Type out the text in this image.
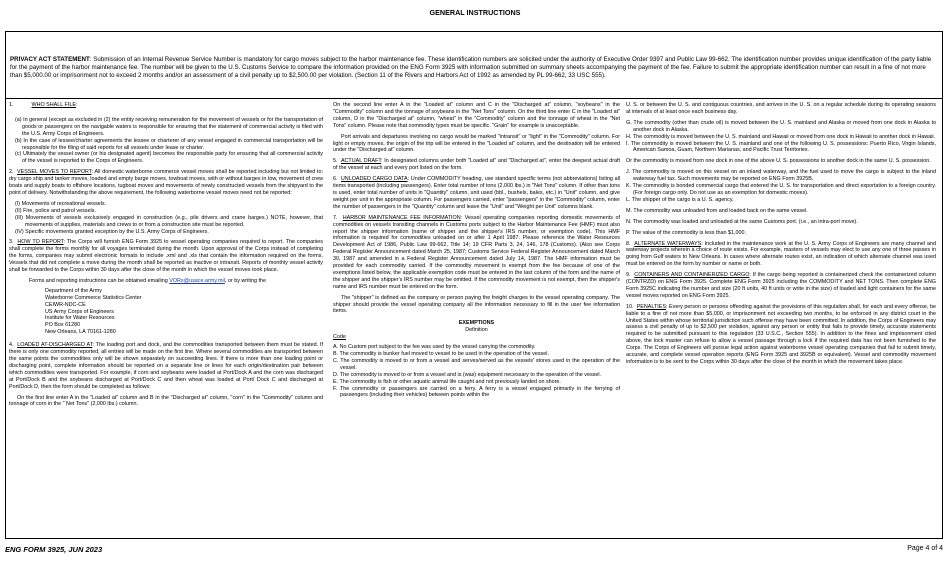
GENERAL INSTRUCTIONS
PRIVACY ACT STATEMENT: Submission of an Internal Revenue Service Number is mandatory for cargo moves subject to the harbor maintenance fee. These identification numbers are solicited under the authority of Executive Order 9397 and Public Law 99-662. The identification number provides unique identification of the party liable for the payment of the harbor maintenance fee. The number will be given to the U.S. Customs Service to compare the information provided on the ENG Form 3925 with information submitted on summary sheets accompanying the payment of the fee. Failure to submit the appropriate identification number can result in a fine of not more than $5,000.00 or imprisonment not to exceed 2 months and/or an assessment of a civil penalty up to $2,500.00 per violation. (Section 11 of the Rivers and Harbors Act of 1992 as amended by PL 99-662, 33 USC 555).

1.	WHO SHALL FILE:

(a) In general (except as excluded in (2) the entity receiving remuneration for the movement of vessels or for the transportation of goods or passengers on the navigable waters is responsible for ensuring that the statement of commercial activity is filed with the U.S. Army Corps of Engineers.

(b) In the case of lessee/charter agreements the lessee or charterer of any vessel engaged in commercial transportation will be responsible for the filing of said reports for all vessels under lease or charter.

(c) Ultimately the vessel owner (or his designated agent) becomes the responsible party for ensuring that all commercial activity of the vessel is reported to the Corps of Engineers.

2. VESSEL MOVES TO REPORT: All domestic waterborne commerce vessel moves shall be reported including but not limited to: dry cargo ship and tanker moves, loaded and empty barge moves, towboat moves, with or without barges in tow, movement of crew boats and supply boats to offshore locations, tugboat moves and movements of newly constructed vessels from the shipyard to the point of delivery. Notwithstanding the above requirement, the following waterborne vessel moves need not be reported:

(I) Movements of recreational vessels.

(II) Fire, police and patrol vessels.

(III) Movements of vessels exclusively engaged in construction (e.g., pile drivers and crane barges.) NOTE, however, that movements of supplies, materials and crews to or from a construction site must be reported.

(IV) Specific movements granted exception by the U.S. Army Corps of Engineers.

3. HOW TO REPORT: The Corps will furnish ENG Form 3925 to vessel operating companies required to report. The companies shall complete the forms monthly for all voyages terminated during the month. Upon approval of the Corps instead of completing the forms, companies may submit electronic formats to include .xml and .xls that contain the information required on the forms. Vessels that did not complete a move during the month shall be reported as inactive or intransit. Reports of monthly vessel activity shall be forwarded to the Corps within 30 days after the close of the month in which the vessel moves took place.

Forms and reporting instructions can be obtained emailing VORs@usace.army.mil, or by writing the

Department of the Army

Waterborne Commerce Statistics Center

CEIWR-NDC-CE

US Army Corps of Engineers

Institute for Water Resources

PO Box 61280

New Orleans, LA 70161-1280

4. LOADED AT-DISCHARGED AT: The loading port and dock, and the commodities transported between them must be stated. If there is only one commodity reported, all entries will be made on the first line. Where several commodities are transported between the same points the commodities only will be shown separately on succeeding lines. If there is more than one loading point or discharging point, complete information should be reported on a separate line or lines for each origin/destination pair between which commodities were transported. For example, if corn and soybeans were loaded at Port/Dock A and the corn was discharged at Port/Dock B and the soybeans discharged at Port/Dock C and then wheat was loaded at Port/ Dock C and discharged at Port/Dock D, then the form should be completed as follows:

On the first line enter A in the "Loaded at" column and B in the "Discharged at" column, "corn" in the "Commodity" column and tonnage of corn in the " Net Tons" (2,000 lbs.) column.

On the second line enter A in the "Loaded at" column and C in the "Discharged at" column, "soybeans" in the "Commodity" column and the tonnage of soybeans in the "Net Tons" column. On the third line enter C in the "Loaded at" column, D in the "Discharged at" column, "wheat" in the "Commodity" column and the tonnage of wheat in the "Net Tons" column. Please note that commodity types must be specific. "Grain" for example is unacceptable.

Port arrivals and departures involving no cargo would be marked "intransit" or "light" in the "Commodity" column. For light or empty moves, the origin of the trip will be entered in the "Loaded at" column, and the destination will be entered under the "Discharged at" column.

5. ACTUAL DRAFT: In designated columns under both "Loaded at" and "Discharged at", enter the deepest actual draft of the vessel at each and every port listed on the form.

6. UNLOADED CARGO DATA: Under COMMODITY heading, use standard specific terms (not abbreviations) listing all items transported (including passengers). Enter total number of tons (2,000 lbs.) in "Net Tons" column. If other than tons is used, enter total number of units in "Quantity" column, unit used (bbl., bushels, bales, etc.) in "Unit" column, and give weight per unit in the appropriate column. For passengers carried, enter "passengers" in the "Commodity" column, enter the number of passengers in the "Quantity" column and leave the "Unit" and "Weight per Unit" columns blank.

7. HARBOR MAINTENANCE FEE INFORMATION: Vessel operating companies reporting domestic movements of commodities on vessels transiting channels in Customs ports subject to the Harbor Maintenance Fee (HMF) must also report the shipper information (name of shipper and the shipper's IRS number, or exemption code). This HMF information is required for commodities unloaded on or after 1 April 1987. Please reference the Water Resources Development Act of 1986, Public Law 99-662, Title 14; 19 CFR Parts 3, 24, 146, 178 (Customs). (Also see Corps Federal Register Announcement dated March 25, 1987; Customs Service Federal Register Announcement dated March 30, 1987 and amended in a Federal Register Announcement dated July 14, 1987. The HMF information must be provided for each commodity carried. If the commodity movement is exempt from the fee because of one of the exemptions listed below, the applicable exemption code must be entered in the last column of the form and the name of the shipper and the shipper's IRS number may be omitted. If the commodity movement is not exempt, then the shipper's name and IRS number must be entered on the form.

The "shipper" is defined as the company or person paying the freight charges to the vessel operating company. The shipper should provide the vessel operating company all the information necessary to fill in the user fee information items.

EXEMPTIONS

Definition

Code

A. No Custom port subject to the fee was used by the vessel carrying the commodity.

B. The commodity is bunker fuel moved to vessel to be used in the operation of the vessel.

C. The commodity is moved to or from a vessel and serves/served as the vessels' stores used in the operation of the vessel.

D. The commodity is moved to or from a vessel and is (was) equipment necessary to the operation of the vessel.

E. The commodity is fish or other aquatic animal life caught and not previously landed on shore.

F. The commodity or passengers are carried on a ferry. A ferry is a vessel engaged primarily in the ferrying of passengers (including their vehicles) between points within the

U. S. or between the U. S. and contiguous countries, and arrives in the U. S. on a regular schedule during its operating seasons at intervals of at least once each business day.

G. The commodity (other than crude oil) is moved between the U. S. mainland and Alaska or moved from one dock in Alaska to another dock in Alaska.

H. The commodity is moved between the U. S. mainland and Hawaii or moved from one dock in Hawaii to another dock in Hawaii.

I. The commodity is moved between the U. S. mainland and one of the following U. S. possessions: Puerto Rico, Virgin Islands, American Samoa, Guam, Northern Marianas, and Pacific Trust Territories.

Or the commodity is moved from one dock in one of the above U. S. possessions to another dock in the same U. S. possession.

J. The commodity is moved on this vessel on an inland waterway, and the fuel used to move the cargo is subject to the inland waterway fuel tax. Such movements may be reported on ENG Form 3925B.

K. The commodity is bonded commercial cargo that entered the U. S. for transportation and direct exportation to a foreign country. (For foreign cargo only. Do not use as an exemption for domestic moves).

L. The shipper of the cargo is a U. S. agency.

M. The commodity was unloaded from and loaded back on the same vessel.

N. The commodity was loaded and unloaded at the same Customs port. (i.e., an intra-port move).

P. The value of the commodity is less than $1,000.

8. ALTERNATE WATERWAYS: Included in the maintenance work at the U. S. Army Corps of Engineers are many channel and waterway projects wherein a choice of route exists. For example, masters of vessels may elect to use any one of three passes in going from Gulf waters to New Orleans. In cases where alternate routes exist, an indication of which alternate channel was used must be entered on the form by number or name or both.

9. CONTAINERS AND CONTAINERIZED CARGO: If the cargo being reported is containerized check the containerized column (CONTRZD) on ENG Form 3925. Complete ENG Form 3925 including the COMMODITY and NET TONS. Then complete ENG Form 3925C indicating the number and size (20 ft units, 40 ft units or write in the size) of loaded and light containers for the same vessel moves reported on ENG Form 3925.

10. PENALTIES: Every person or persons offending against the provisions of this regulation shall, for each and every offense, be liable to a fine of not more than $5,000, or imprisonment not exceeding two months, to be enforced in any district court in the United States within whose territorial jurisdiction such offense may have been committed. In addition, the Corps of Engineers may assess a civil penalty of up to $2,500 per violation, against any person or entity that fails to provide timely, accurate statements required to be submitted pursuant to this regulation (33 U.S.C., Section 555). In addition to the fines and imprisonment cited above, the lock master can refuse to allow a vessel passage through a lock if the required data has not been furnished to the Corps. The Corps of Engineers will pursue legal action against waterborne vessel operating companies that fail to submit timely, accurate, and complete vessel operation reports (ENG Form 3925 and 3925B or equivalent). Vessel and commodity movement information is to be sent to the Corps within 30 days after the close of the month in which the movement takes place.

ENG FORM 3925, JUN 2023	Page 4 of 4
